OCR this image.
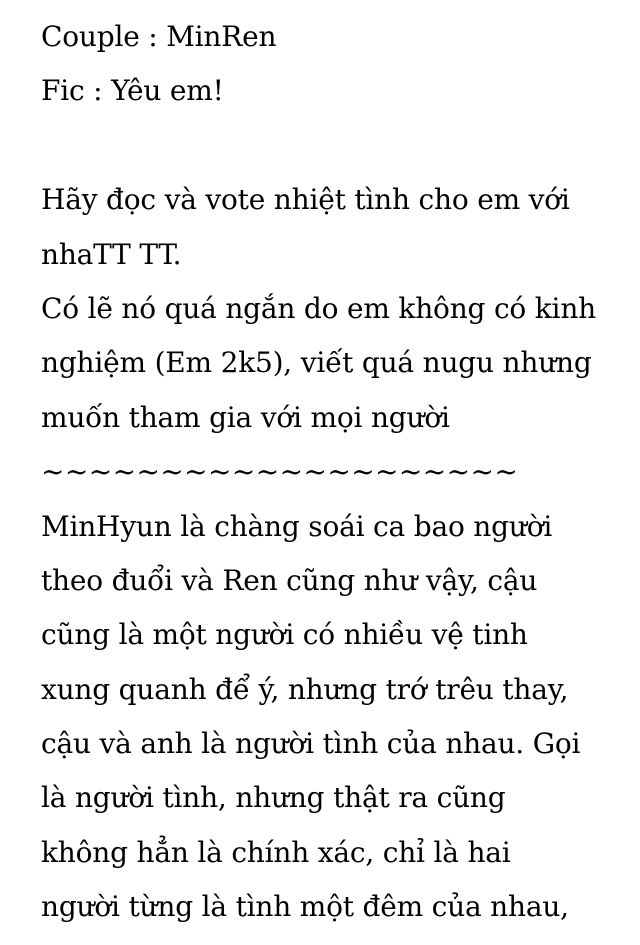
Couple : MinRen
Fic : Yêu em!
Hãy đọc và vote nhiệt tình cho em với
nhaTT TT.
Có lẽ nó quá ngắn do em không có kinh
nghiệm (Em 2k5), viết quá nugu nhưng
muốn tham gia với mọi người
~~~~~~~~~~~~~~~~~~~~
MinHyun là chàng soái ca bao người
theo đuổi và Ren cũng như vậy, cậu
cũng là một người có nhiều vệ tinh
xung quanh để ý, nhưng trớ trêu thay,
cậu và anh là người tình của nhau. Gọi
là người tình, nhưng thật ra cũng
không hẳn là chính xác, chỉ là hai
người từng là tình một đêm của nhau,
